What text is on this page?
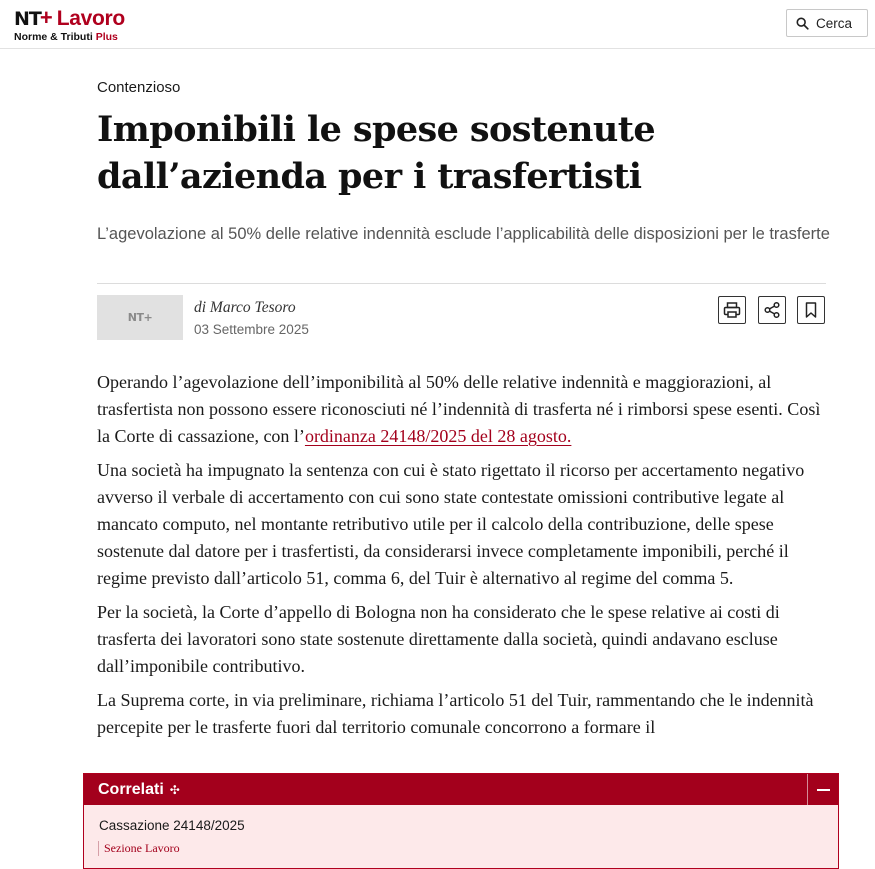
NT + Lavoro
Norme & Tributi Plus
Cerca
Contenzioso
Imponibili le spese sostenute dall’azienda per i trasfertisti
L’agevolazione al 50% delle relative indennità esclude l’applicabilità delle disposizioni per le trasferte
NT+
di Marco Tesoro
03 Settembre 2025

Operando l’agevolazione dell’imponibilità al 50% delle relative indennità e maggiorazioni, al trasfertista non possono essere riconosciuti né l’indennità di trasferta né i rimborsi spese esenti. Così la Corte di cassazione, con l’ordinanza 24148/2025 del 28 agosto.

Una società ha impugnato la sentenza con cui è stato rigettato il ricorso per accertamento negativo avverso il verbale di accertamento con cui sono state contestate omissioni contributive legate al mancato computo, nel montante retributivo utile per il calcolo della contribuzione, delle spese sostenute dal datore per i trasfertisti, da considerarsi invece completamente imponibili, perché il regime previsto dall’articolo 51, comma 6, del Tuir è alternativo al regime del comma 5.

Per la società, la Corte d’appello di Bologna non ha considerato che le spese relative ai costi di trasferta dei lavoratori sono state sostenute direttamente dalla società, quindi andavano escluse dall’imponibile contributivo.

La Suprema corte, in via preliminare, richiama l’articolo 51 del Tuir, rammentando che le indennità percepite per le trasferte fuori dal territorio comunale concorrono a formare il

Correlati ✣
Cassazione 24148/2025
Sezione Lavoro
